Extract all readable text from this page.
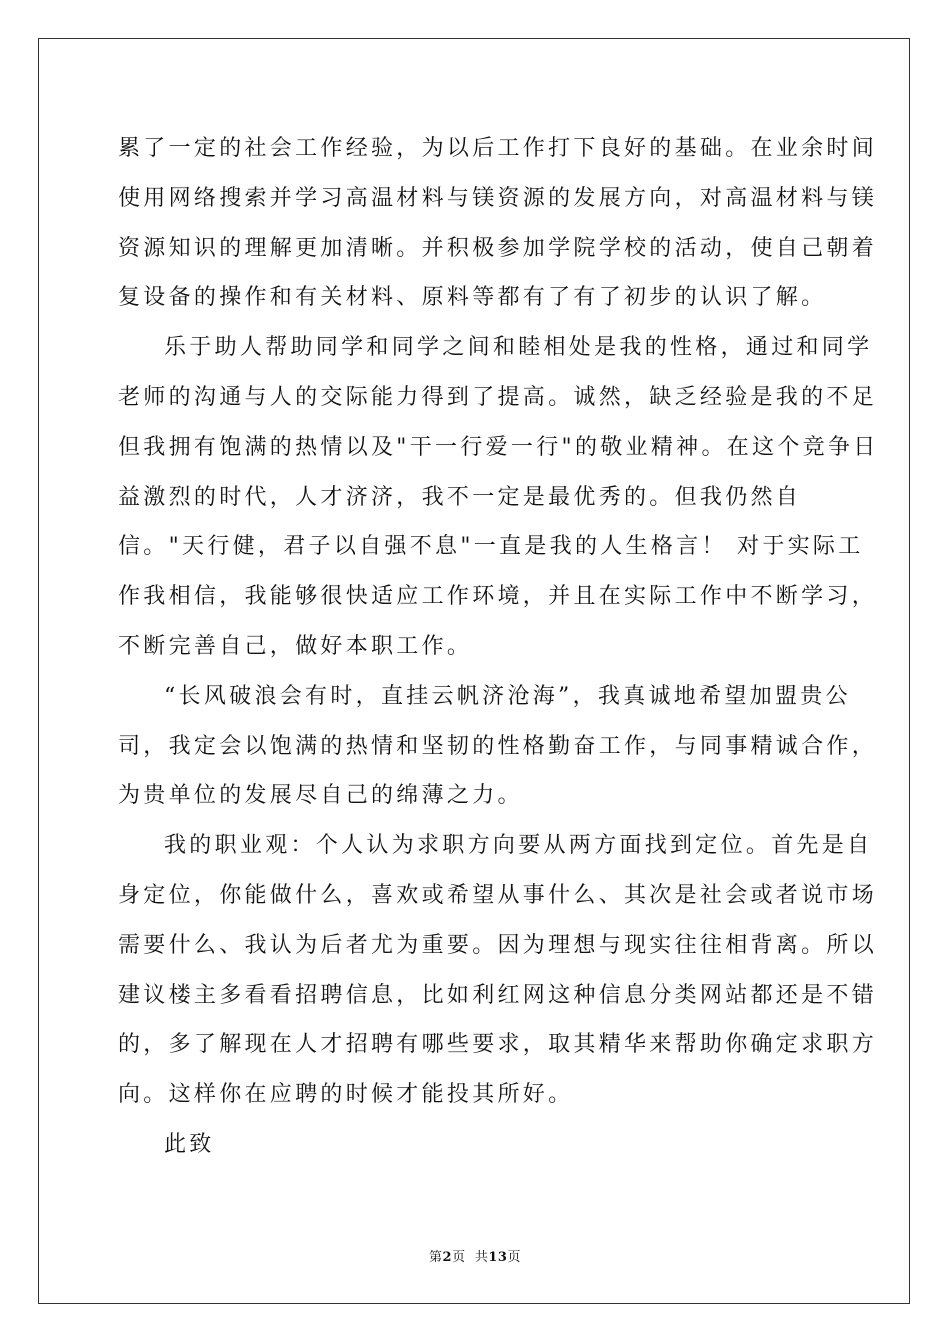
累了一定的社会工作经验，为以后工作打下良好的基础。在业余时间
使用网络搜索并学习高温材料与镁资源的发展方向，对高温材料与镁
资源知识的理解更加清晰。并积极参加学院学校的活动，使自己朝着
复设备的操作和有关材料、原料等都有了有了初步的认识了解。
乐于助人帮助同学和同学之间和睦相处是我的性格，通过和同学
老师的沟通与人的交际能力得到了提高。诚然，缺乏经验是我的不足
但我拥有饱满的热情以及"干一行爱一行"的敬业精神。在这个竞争日
益激烈的时代，人才济济，我不一定是最优秀的。但我仍然自
信。"天行健，君子以自强不息"一直是我的人生格言！ 对于实际工
作我相信，我能够很快适应工作环境，并且在实际工作中不断学习，
不断完善自己，做好本职工作。
“长风破浪会有时，直挂云帆济沧海”，我真诚地希望加盟贵公
司，我定会以饱满的热情和坚韧的性格勤奋工作，与同事精诚合作，
为贵单位的发展尽自己的绵薄之力。
我的职业观：个人认为求职方向要从两方面找到定位。首先是自
身定位，你能做什么，喜欢或希望从事什么、其次是社会或者说市场
需要什么、我认为后者尤为重要。因为理想与现实往往相背离。所以
建议楼主多看看招聘信息，比如利红网这种信息分类网站都还是不错
的，多了解现在人才招聘有哪些要求，取其精华来帮助你确定求职方
向。这样你在应聘的时候才能投其所好。
此致
第2页  共13页
